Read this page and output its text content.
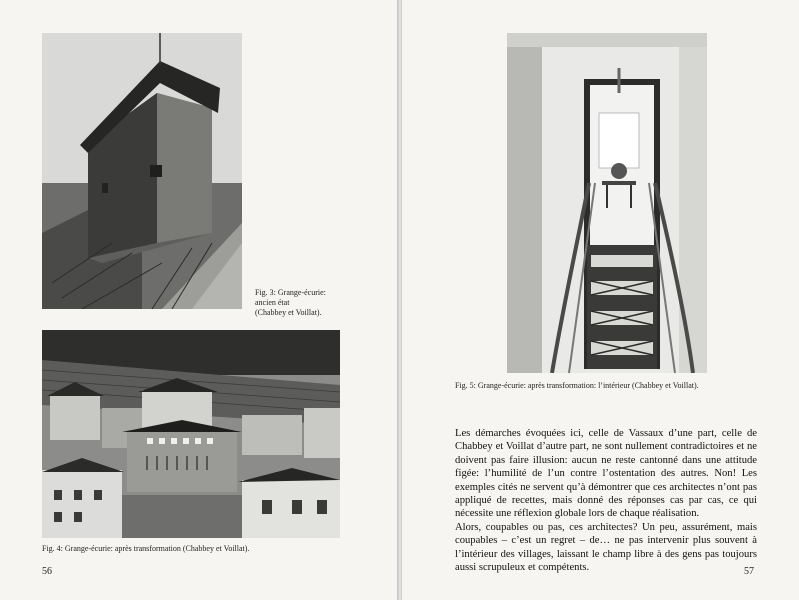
Fig. 3: Grange-écurie:
ancien état
(Chabbey et Voillat).
Fig. 4: Grange-écurie: après transformation (Chabbey et Voillat).
56
Fig. 5: Grange-écurie: après transformation: l’intérieur (Chabbey et Voillat).
57

Les démarches évoquées ici, celle de Vassaux d’une part, celle de Chabbey et Voillat d’autre part, ne sont nullement contradictoires et ne doivent pas faire illusion: aucun ne reste cantonné dans une attitude figée: l’humilité de l’un contre l’ostentation des autres. Non! Les exemples cités ne servent qu’à démontrer que ces architectes n’ont pas appliqué de recettes, mais donné des réponses cas par cas, ce qui nécessite une réflexion globale lors de chaque réalisation.

Alors, coupables ou pas, ces architectes? Un peu, assurément, mais coupables – c’est un regret – de… ne pas intervenir plus souvent à l’intérieur des villages, laissant le champ libre à des gens pas toujours aussi scrupuleux et compétents.
